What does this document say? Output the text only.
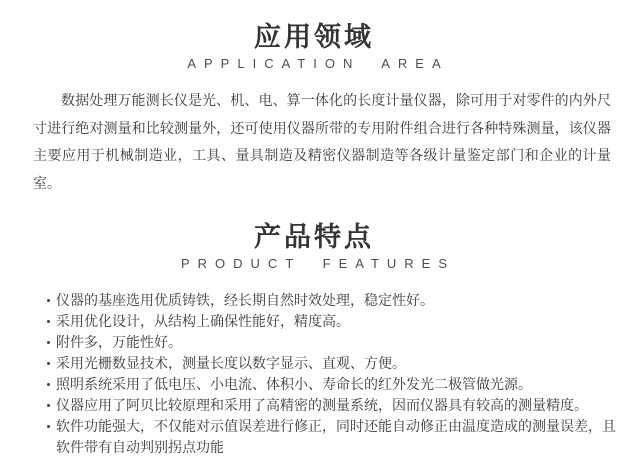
应用领域
APPLICATION AREA

数据处理万能测长仪是光、机、电、算一体化的长度计量仪器，除可用于对零件的内外尺寸进行绝对测量和比较测量外，还可使用仪器所带的专用附件组合进行各种特殊测量，该仪器主要应用于机械制造业，工具、量具制造及精密仪器制造等各级计量鉴定部门和企业的计量室。

产品特点
PRODUCT FEATURES
仪器的基座选用优质铸铁，经长期自然时效处理，稳定性好。
采用优化设计，从结构上确保性能好，精度高。
附件多，万能性好。
采用光栅数显技术，测量长度以数字显示、直观、方便。
照明系统采用了低电压、小电流、体积小、寿命长的红外发光二极管做光源。
仪器应用了阿贝比较原理和采用了高精密的测量系统，因而仪器具有较高的测量精度。
软件功能强大，不仅能对示值误差进行修正，同时还能自动修正由温度造成的测量误差，且软件带有自动判别拐点功能
